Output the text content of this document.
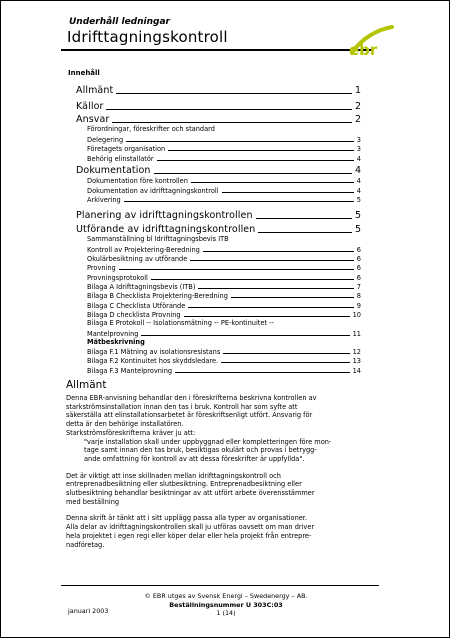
Underhåll ledningar
Idrifttagningskontroll
ebr
Innehåll
Allmänt	1
Källor	2
Ansvar	2
Förordningar, föreskrifter och standard
Delegering	3
Företagets organisation	3
Behörig elinstallatör	4
Dokumentation	4
Dokumentation före kontrollen	4
Dokumentation av idrifttagningskontroll	4
Arkivering	5
Planering av idrifttagningskontrollen	5
Utförande av idrifttagningskontrollen	5
Sammanställning bl Idrifttagningsbevis ITB
Kontroll av Projektering-Beredning	6
Okulärbesiktning av utförande	6
Provning	6
Provningsprotokoll	6
Bilaga A Idrifttagningsbevis (ITB)	7
Bilaga B Checklista Projektering-Beredning	8
Bilaga C Checklista Utförande	9
Bilaga D checklista Provning	10
Bilaga E Protokoll -- Isolationsmätning -- PE-kontinuitet --
Mantelprovning	11
Mätbeskrivning
Bilaga F.1 Mätning av isolationsresistans	12
Bilaga F.2 Kontinuitet hos skyddsledare.	13
Bilaga F.3 Mantelprovning	14
Allmänt
Denna EBR-anvisning behandlar den i föreskrifterna beskrivna kontrollen av
starkströmsinstallation innan den tas i bruk. Kontroll har som syfte att
säkerställa att elinstallationsarbetet är föreskriftsenligt utfört. Ansvarig för
detta är den behörige installatören.
Starkströmsföreskrifterna kräver ju att:
"varje installation skall under uppbyggnad eller kompletteringen före mon-
tage samt innan den tas bruk, besiktigas okulärt och provas i betrygg-
ande omfattning för kontroll av att dessa föreskrifter är uppfyllda".
Det är viktigt att inse skillnaden mellan idrifttagningskontroll och
entreprenadbesiktning eller slutbesiktning. Entreprenadbesiktning eller
slutbesiktning behandlar besiktningar av att utfört arbete överensstämmer
med beställning
Denna skrift är tänkt att i sitt upplägg passa alla typer av organisationer.
Alla delar av idrifttagningskontrollen skall ju utföras oavsett om man driver
hela projektet i egen regi eller köper delar eller hela projekt från entrepre-
nadföretag.
© EBR utges av Svensk Energi – Swedenergy – AB.
Beställningsnummer U 303C:03
januari 2003	1 (14)
